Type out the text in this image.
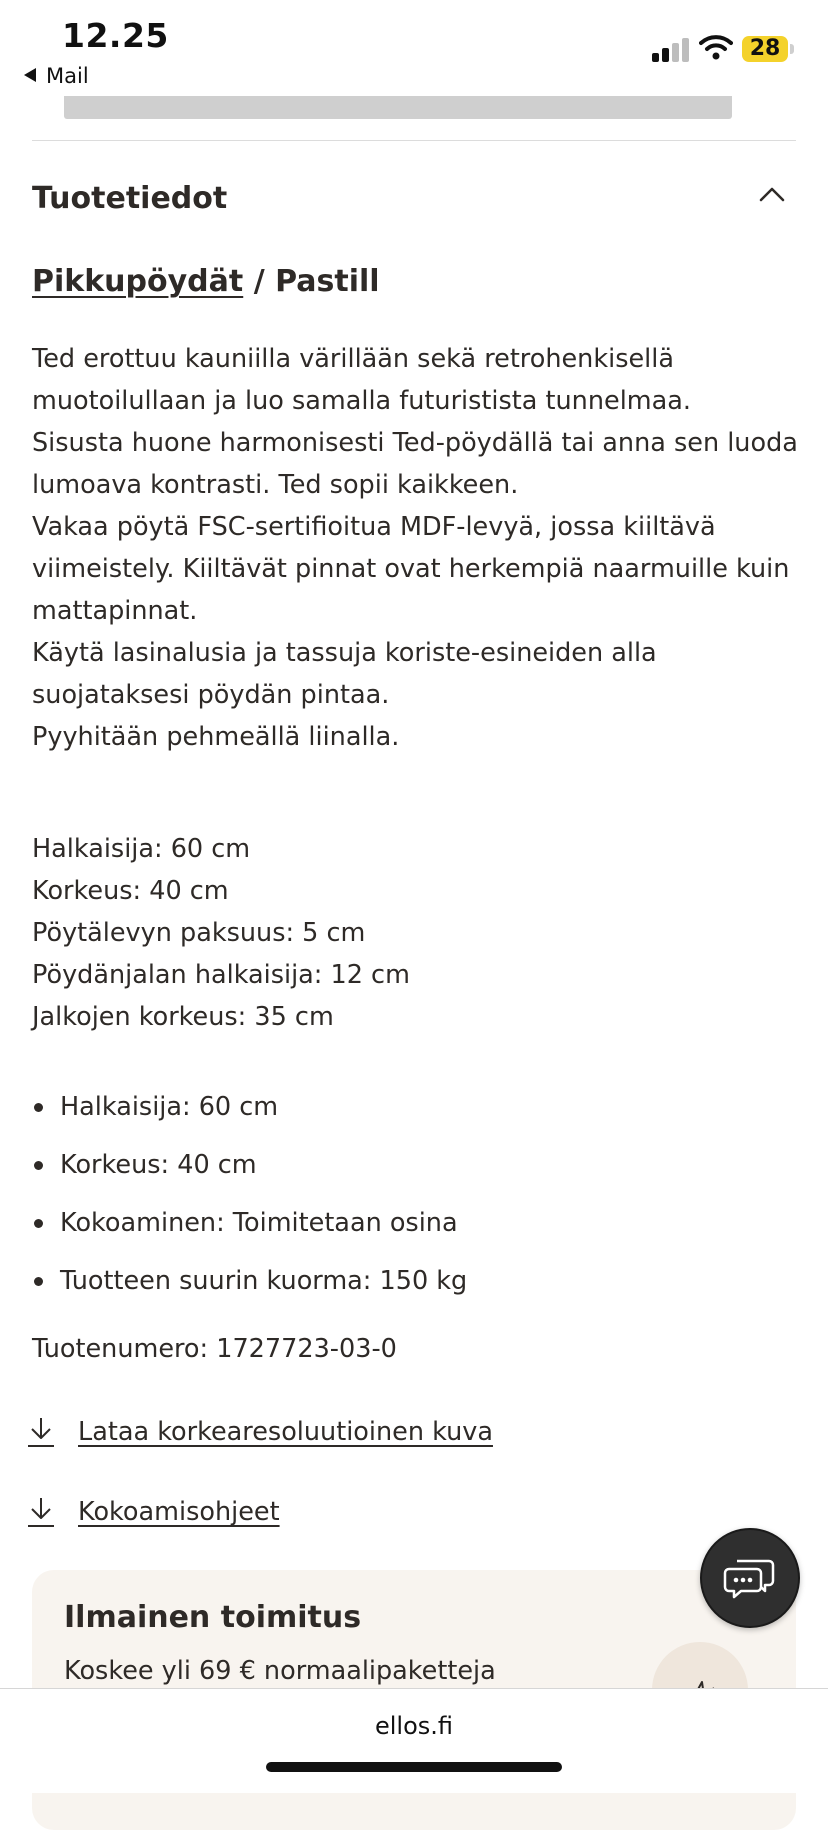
12.25
Mail
28
Tuotetiedot
Pikkupöydät / Pastill

Ted erottuu kauniilla värillään sekä retrohenkisellä muotoilullaan ja luo samalla futuristista tunnelmaa.

Sisusta huone harmonisesti Ted-pöydällä tai anna sen luoda lumoava kontrasti. Ted sopii kaikkeen.

Vakaa pöytä FSC-sertifioitua MDF-levyä, jossa kiiltävä viimeistely. Kiiltävät pinnat ovat herkempiä naarmuille kuin mattapinnat.

Käytä lasinalusia ja tassuja koriste-esineiden alla suojataksesi pöydän pintaa.

Pyyhitään pehmeällä liinalla.

Halkaisija: 60 cm

Korkeus: 40 cm

Pöytälevyn paksuus: 5 cm

Pöydänjalan halkaisija: 12 cm

Jalkojen korkeus: 35 cm

Halkaisija: 60 cm
Korkeus: 40 cm
Kokoaminen: Toimitetaan osina
Tuotteen suurin kuorma: 150 kg
Tuotenumero: 1727723-03-0
Lataa korkearesoluutioinen kuva
Kokoamisohjeet
Ilmainen toimitus
Koskee yli 69 € normaalipaketteja
ellos.fi
